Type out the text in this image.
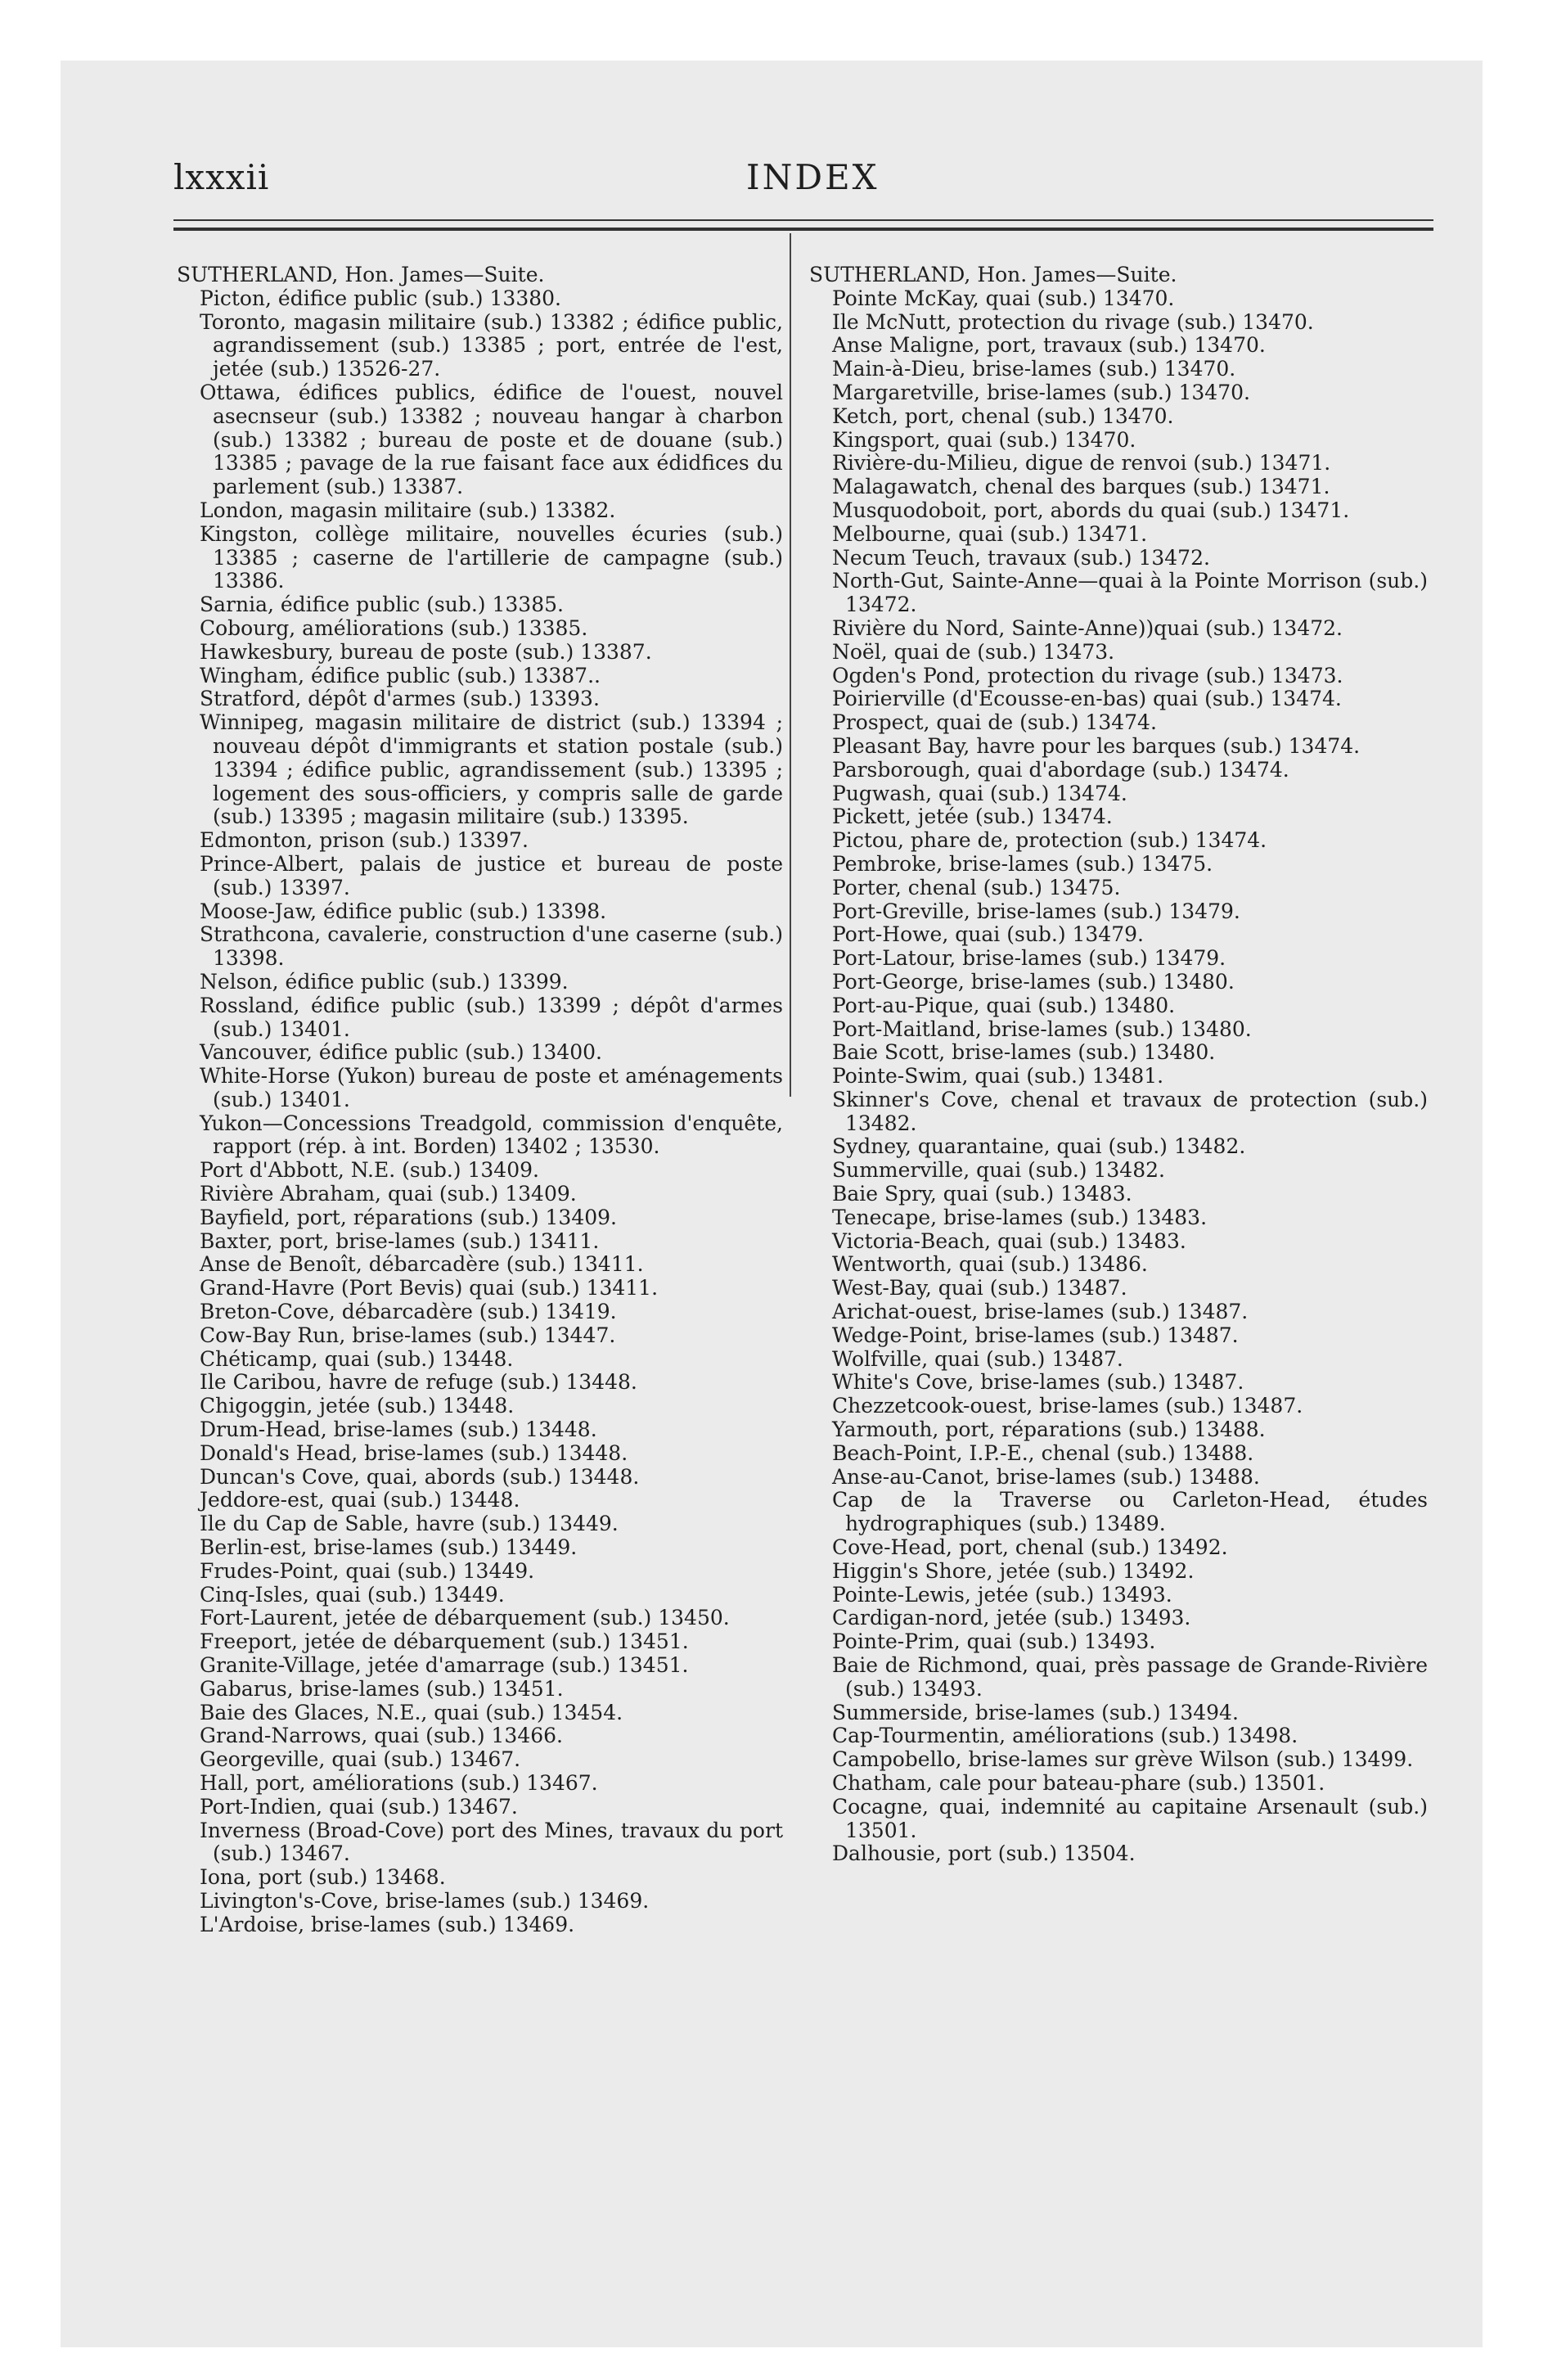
lxxxii	INDEX
SUTHERLAND, Hon. James—Suite.
Picton, édifice public (sub.) 13380.
Toronto, magasin militaire (sub.) 13382 ; édifice public, agrandissement (sub.) 13385 ; port, entrée de l'est, jetée (sub.) 13526-27.
Ottawa, édifices publics, édifice de l'ouest, nouvel asecnseur (sub.) 13382 ; nouveau hangar à charbon (sub.) 13382 ; bureau de poste et de douane (sub.) 13385 ; pavage de la rue faisant face aux édidfices du parlement (sub.) 13387.
London, magasin militaire (sub.) 13382.
Kingston, collège militaire, nouvelles écuries (sub.) 13385 ; caserne de l'artillerie de campagne (sub.) 13386.
Sarnia, édifice public (sub.) 13385.
Cobourg, améliorations (sub.) 13385.
Hawkesbury, bureau de poste (sub.) 13387.
Wingham, édifice public (sub.) 13387..
Stratford, dépôt d'armes (sub.) 13393.
Winnipeg, magasin militaire de district (sub.) 13394 ; nouveau dépôt d'immigrants et station postale (sub.) 13394 ; édifice public, agrandissement (sub.) 13395 ; logement des sous-officiers, y compris salle de garde (sub.) 13395 ; magasin militaire (sub.) 13395.
Edmonton, prison (sub.) 13397.
Prince-Albert, palais de justice et bureau de poste (sub.) 13397.
Moose-Jaw, édifice public (sub.) 13398.
Strathcona, cavalerie, construction d'une caserne (sub.) 13398.
Nelson, édifice public (sub.) 13399.
Rossland, édifice public (sub.) 13399 ; dépôt d'armes (sub.) 13401.
Vancouver, édifice public (sub.) 13400.
White-Horse (Yukon) bureau de poste et aménagements (sub.) 13401.
Yukon—Concessions Treadgold, commission d'enquête, rapport (rép. à int. Borden) 13402 ; 13530.
Port d'Abbott, N.E. (sub.) 13409.
Rivière Abraham, quai (sub.) 13409.
Bayfield, port, réparations (sub.) 13409.
Baxter, port, brise-lames (sub.) 13411.
Anse de Benoît, débarcadère (sub.) 13411.
Grand-Havre (Port Bevis) quai (sub.) 13411.
Breton-Cove, débarcadère (sub.) 13419.
Cow-Bay Run, brise-lames (sub.) 13447.
Chéticamp, quai (sub.) 13448.
Ile Caribou, havre de refuge (sub.) 13448.
Chigoggin, jetée (sub.) 13448.
Drum-Head, brise-lames (sub.) 13448.
Donald's Head, brise-lames (sub.) 13448.
Duncan's Cove, quai, abords (sub.) 13448.
Jeddore-est, quai (sub.) 13448.
Ile du Cap de Sable, havre (sub.) 13449.
Berlin-est, brise-lames (sub.) 13449.
Frudes-Point, quai (sub.) 13449.
Cinq-Isles, quai (sub.) 13449.
Fort-Laurent, jetée de débarquement (sub.) 13450.
Freeport, jetée de débarquement (sub.) 13451.
Granite-Village, jetée d'amarrage (sub.) 13451.
Gabarus, brise-lames (sub.) 13451.
Baie des Glaces, N.E., quai (sub.) 13454.
Grand-Narrows, quai (sub.) 13466.
Georgeville, quai (sub.) 13467.
Hall, port, améliorations (sub.) 13467.
Port-Indien, quai (sub.) 13467.
Inverness (Broad-Cove) port des Mines, travaux du port (sub.) 13467.
Iona, port (sub.) 13468.
Livington's-Cove, brise-lames (sub.) 13469.
L'Ardoise, brise-lames (sub.) 13469.
SUTHERLAND, Hon. James—Suite.
Pointe McKay, quai (sub.) 13470.
Ile McNutt, protection du rivage (sub.) 13470.
Anse Maligne, port, travaux (sub.) 13470.
Main-à-Dieu, brise-lames (sub.) 13470.
Margaretville, brise-lames (sub.) 13470.
Ketch, port, chenal (sub.) 13470.
Kingsport, quai (sub.) 13470.
Rivière-du-Milieu, digue de renvoi (sub.) 13471.
Malagawatch, chenal des barques (sub.) 13471.
Musquodoboit, port, abords du quai (sub.) 13471.
Melbourne, quai (sub.) 13471.
Necum Teuch, travaux (sub.) 13472.
North-Gut, Sainte-Anne—quai à la Pointe Morrison (sub.) 13472.
Rivière du Nord, Sainte-Anne))quai (sub.) 13472.
Noël, quai de (sub.) 13473.
Ogden's Pond, protection du rivage (sub.) 13473.
Poirierville (d'Ecousse-en-bas) quai (sub.) 13474.
Prospect, quai de (sub.) 13474.
Pleasant Bay, havre pour les barques (sub.) 13474.
Parsborough, quai d'abordage (sub.) 13474.
Pugwash, quai (sub.) 13474.
Pickett, jetée (sub.) 13474.
Pictou, phare de, protection (sub.) 13474.
Pembroke, brise-lames (sub.) 13475.
Porter, chenal (sub.) 13475.
Port-Greville, brise-lames (sub.) 13479.
Port-Howe, quai (sub.) 13479.
Port-Latour, brise-lames (sub.) 13479.
Port-George, brise-lames (sub.) 13480.
Port-au-Pique, quai (sub.) 13480.
Port-Maitland, brise-lames (sub.) 13480.
Baie Scott, brise-lames (sub.) 13480.
Pointe-Swim, quai (sub.) 13481.
Skinner's Cove, chenal et travaux de protection (sub.) 13482.
Sydney, quarantaine, quai (sub.) 13482.
Summerville, quai (sub.) 13482.
Baie Spry, quai (sub.) 13483.
Tenecape, brise-lames (sub.) 13483.
Victoria-Beach, quai (sub.) 13483.
Wentworth, quai (sub.) 13486.
West-Bay, quai (sub.) 13487.
Arichat-ouest, brise-lames (sub.) 13487.
Wedge-Point, brise-lames (sub.) 13487.
Wolfville, quai (sub.) 13487.
White's Cove, brise-lames (sub.) 13487.
Chezzetcook-ouest, brise-lames (sub.) 13487.
Yarmouth, port, réparations (sub.) 13488.
Beach-Point, I.P.-E., chenal (sub.) 13488.
Anse-au-Canot, brise-lames (sub.) 13488.
Cap de la Traverse ou Carleton-Head, études hydrographiques (sub.) 13489.
Cove-Head, port, chenal (sub.) 13492.
Higgin's Shore, jetée (sub.) 13492.
Pointe-Lewis, jetée (sub.) 13493.
Cardigan-nord, jetée (sub.) 13493.
Pointe-Prim, quai (sub.) 13493.
Baie de Richmond, quai, près passage de Grande-Rivière (sub.) 13493.
Summerside, brise-lames (sub.) 13494.
Cap-Tourmentin, améliorations (sub.) 13498.
Campobello, brise-lames sur grève Wilson (sub.) 13499.
Chatham, cale pour bateau-phare (sub.) 13501.
Cocagne, quai, indemnité au capitaine Arsenault (sub.) 13501.
Dalhousie, port (sub.) 13504.
